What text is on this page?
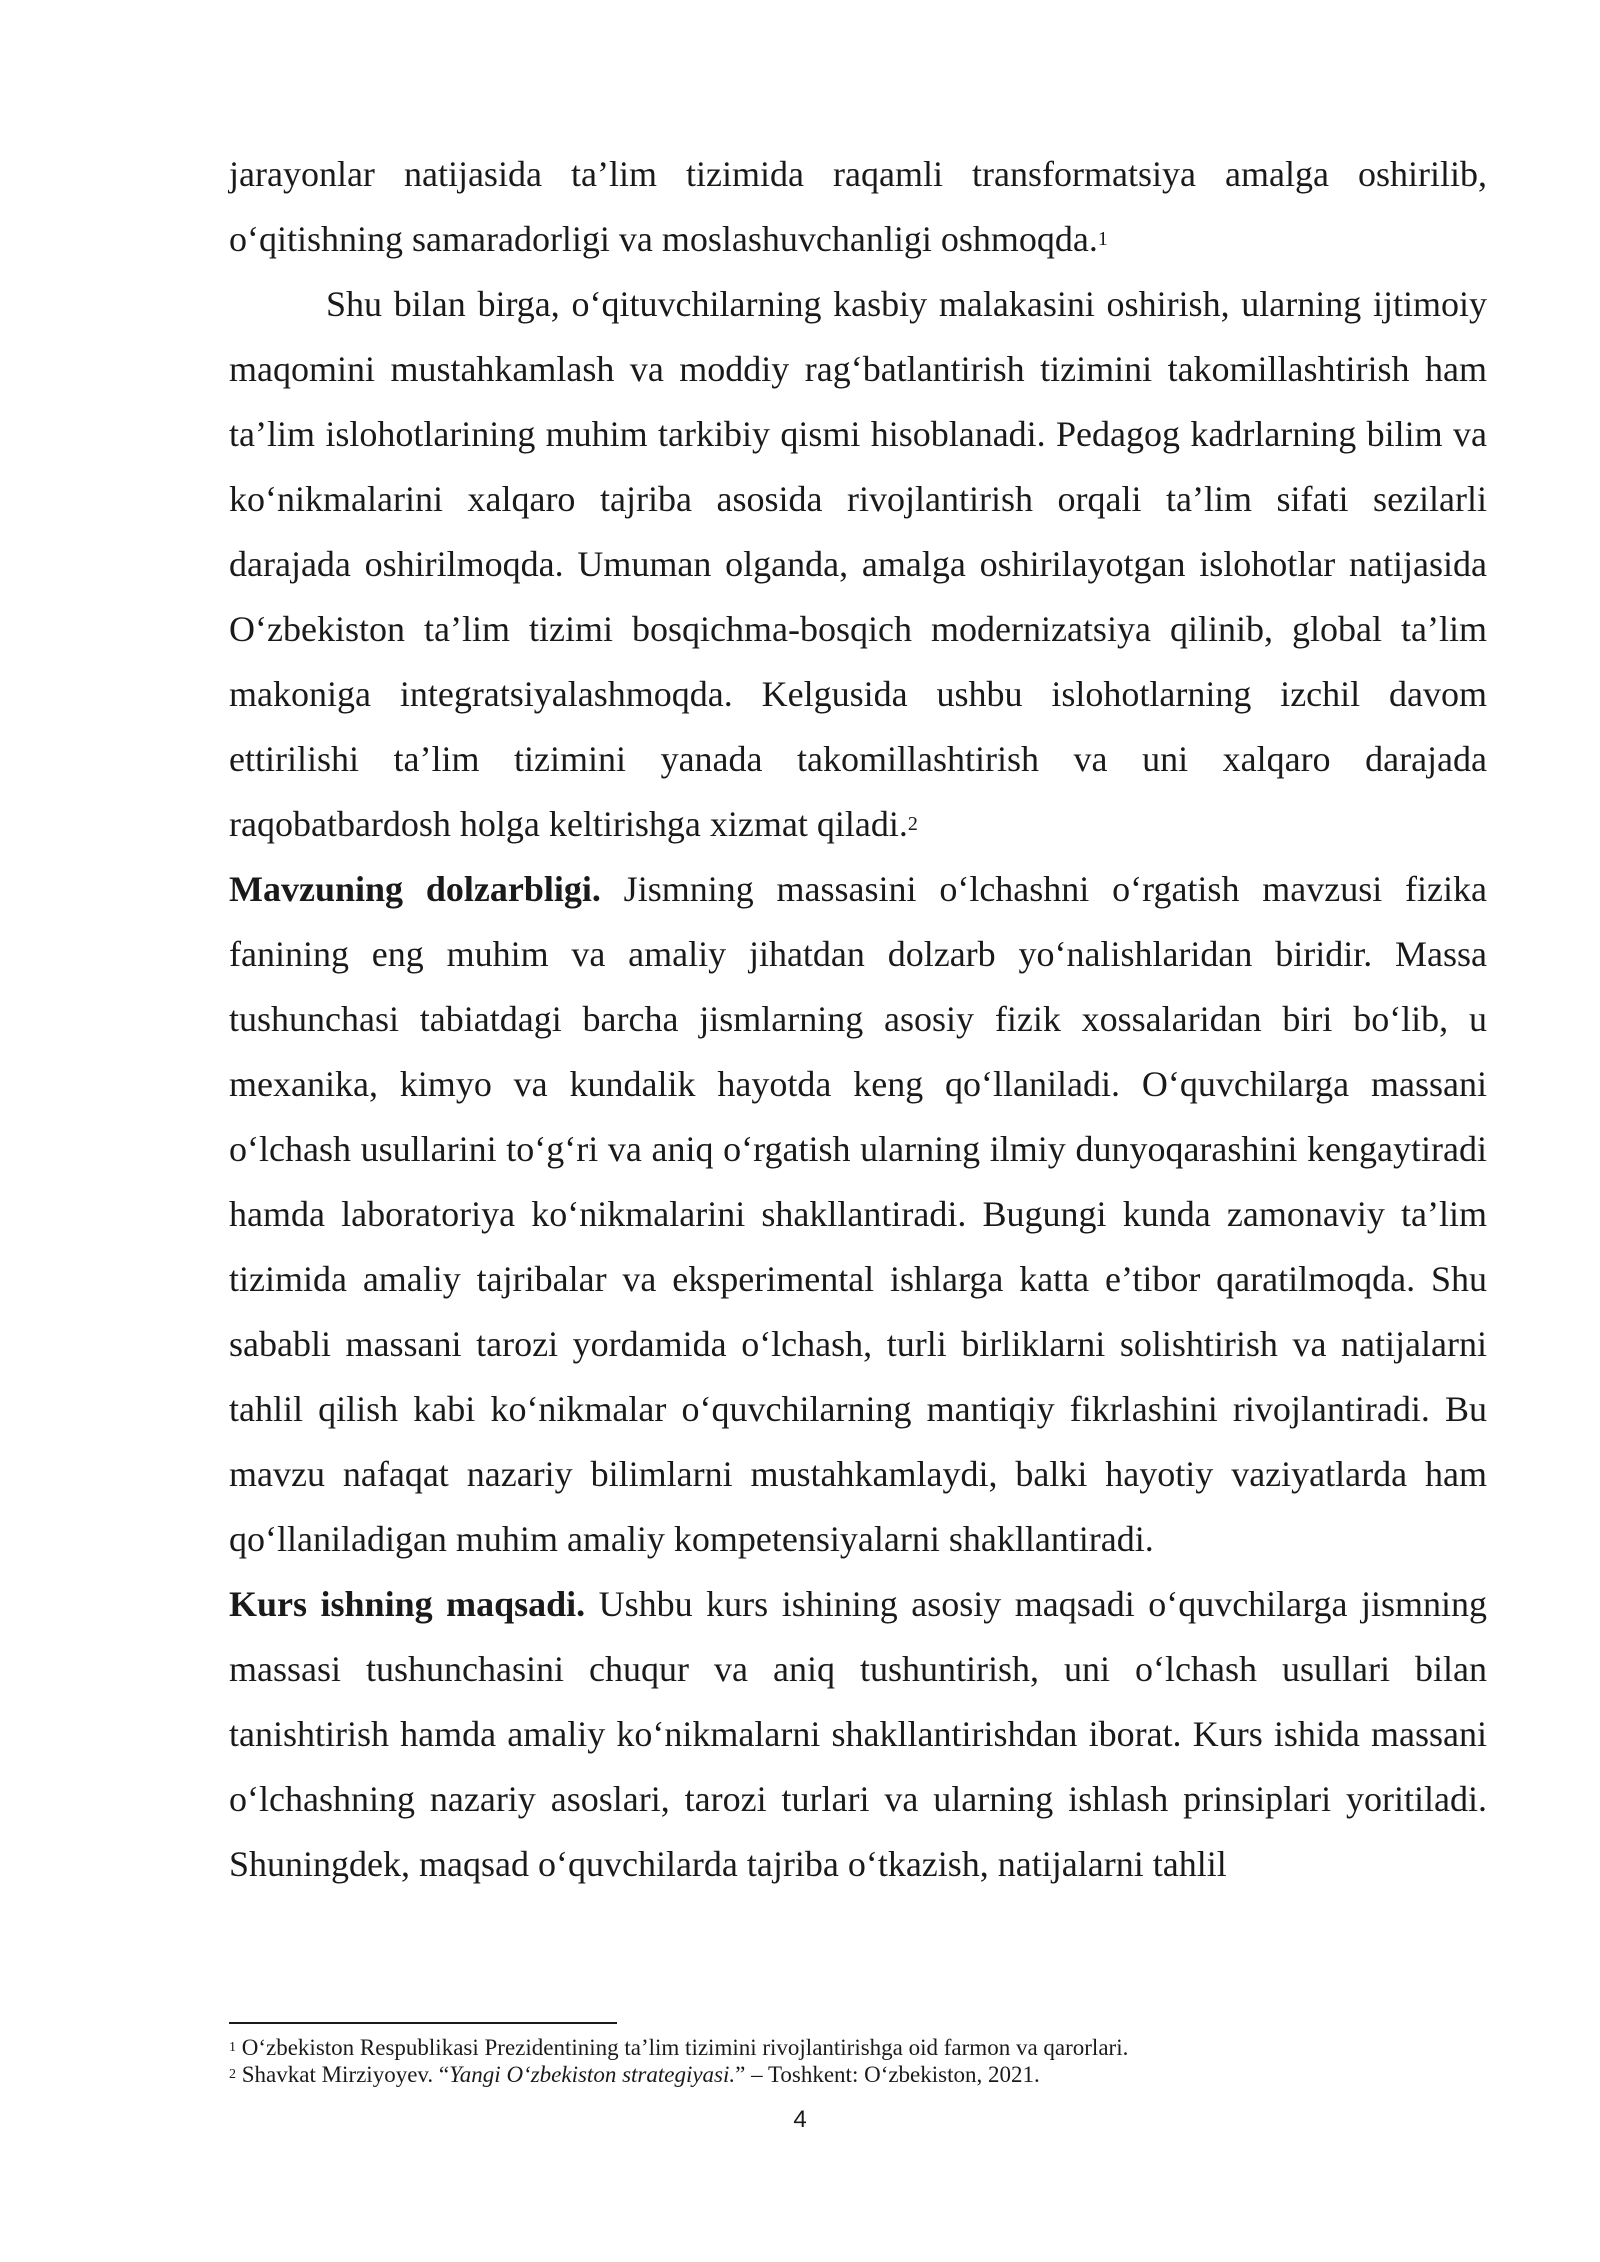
jarayonlar natijasida ta’lim tizimida raqamli transformatsiya amalga oshirilib, o‘qitishning samaradorligi va moslashuvchanligi oshmoqda.$^1$

Shu bilan birga, o‘qituvchilarning kasbiy malakasini oshirish, ularning ijtimoiy maqomini mustahkamlash va moddiy rag‘batlantirish tizimini takomillashtirish ham ta’lim islohotlarining muhim tarkibiy qismi hisoblanadi. Pedagog kadrlarning bilim va ko‘nikmalarini xalqaro tajriba asosida rivojlantirish orqali ta’lim sifati sezilarli darajada oshirilmoqda. Umuman olganda, amalga oshirilayotgan islohotlar natijasida O‘zbekiston ta’lim tizimi bosqichma-bosqich modernizatsiya qilinib, global ta’lim makoniga integratsiyalashmoqda. Kelgusida ushbu islohotlarning izchil davom ettirilishi ta’lim tizimini yanada takomillashtirish va uni xalqaro darajada raqobatbardosh holga keltirishga xizmat qiladi.$^2$

Mavzuning dolzarbligi. Jismning massasini o‘lchashni o‘rgatish mavzusi fizika fanining eng muhim va amaliy jihatdan dolzarb yo‘nalishlaridan biridir. Massa tushunchasi tabiatdagi barcha jismlarning asosiy fizik xossalaridan biri bo‘lib, u mexanika, kimyo va kundalik hayotda keng qo‘llaniladi. O‘quvchilarga massani o‘lchash usullarini to‘g‘ri va aniq o‘rgatish ularning ilmiy dunyoqarashini kengaytiradi hamda laboratoriya ko‘nikmalarini shakllantiradi. Bugungi kunda zamonaviy ta’lim tizimida amaliy tajribalar va eksperimental ishlarga katta e’tibor qaratilmoqda. Shu sababli massani tarozi yordamida o‘lchash, turli birliklarni solishtirish va natijalarni tahlil qilish kabi ko‘nikmalar o‘quvchilarning mantiqiy fikrlashini rivojlantiradi. Bu mavzu nafaqat nazariy bilimlarni mustahkamlaydi, balki hayotiy vaziyatlarda ham qo‘llaniladigan muhim amaliy kompetensiyalarni shakllantiradi.

Kurs ishning maqsadi. Ushbu kurs ishining asosiy maqsadi o‘quvchilarga jismning massasi tushunchasini chuqur va aniq tushuntirish, uni o‘lchash usullari bilan tanishtirish hamda amaliy ko‘nikmalarni shakllantirishdan iborat. Kurs ishida massani o‘lchashning nazariy asoslari, tarozi turlari va ularning ishlash prinsiplari yoritiladi. Shuningdek, maqsad o‘quvchilarda tajriba o‘tkazish, natijalarni tahlil

$^1$ O‘zbekiston Respublikasi Prezidentining ta’lim tizimini rivojlantirishga oid farmon va qarorlari.

$^2$ Shavkat Mirziyoyev. “Yangi O‘zbekiston strategiyasi.” – Toshkent: O‘zbekiston, 2021.

4
